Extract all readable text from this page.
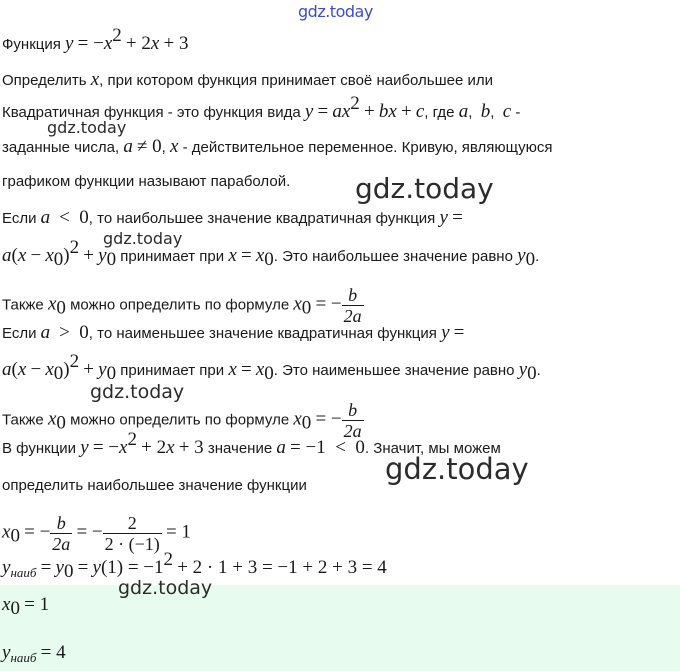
gdz.today
Функция $y = -x^2 + 2x + 3$
Определить x, при котором функция принимает своё наибольшее или
Квадратичная функция - это функция вида $y = ax^2$ + bx + c, где a,  b,  c -
gdz.today
заданные числа, a ≠ 0, x - действительное переменное. Кривую, являющуюся
графиком функции называют параболой. gdz.today
Если a  <  0, то наибольшее значение квадратичная функция y =
gdz.today
$a(x - x_0)^2 + y_0$ принимает при $x = x_0$. Это наибольшее значение равно $y_0$.
Также $x_0$ можно определить по формуле $x_0$ = − $\frac{b}{2a}$
Если a  >  0, то наименьшее значение квадратичная функция y =
$a(x - x_0)^2 + y_0$ принимает при $x = x_0$. Это наименьшее значение равно $y_0$.
gdz.today
Также $x_0$ можно определить по формуле $x_0$ = − $\frac{b}{2a}$
В функции $y = -x^2 + 2x + 3$ значение a = −1  <  0. Значит, мы можем
gdz.today
определить наибольшее значение функции
$x_0$ = − $\frac{b}{2a}$ = − $\frac{2}{2 \cdot (-1)} = 1$
$y_{наиб} = y_0 = y(1) = -1^2 + 2 \cdot 1 + 3 = -1 + 2 + 3 = 4$
gdz.today
$x_0 = 1$
$y_{наиб} = 4$
